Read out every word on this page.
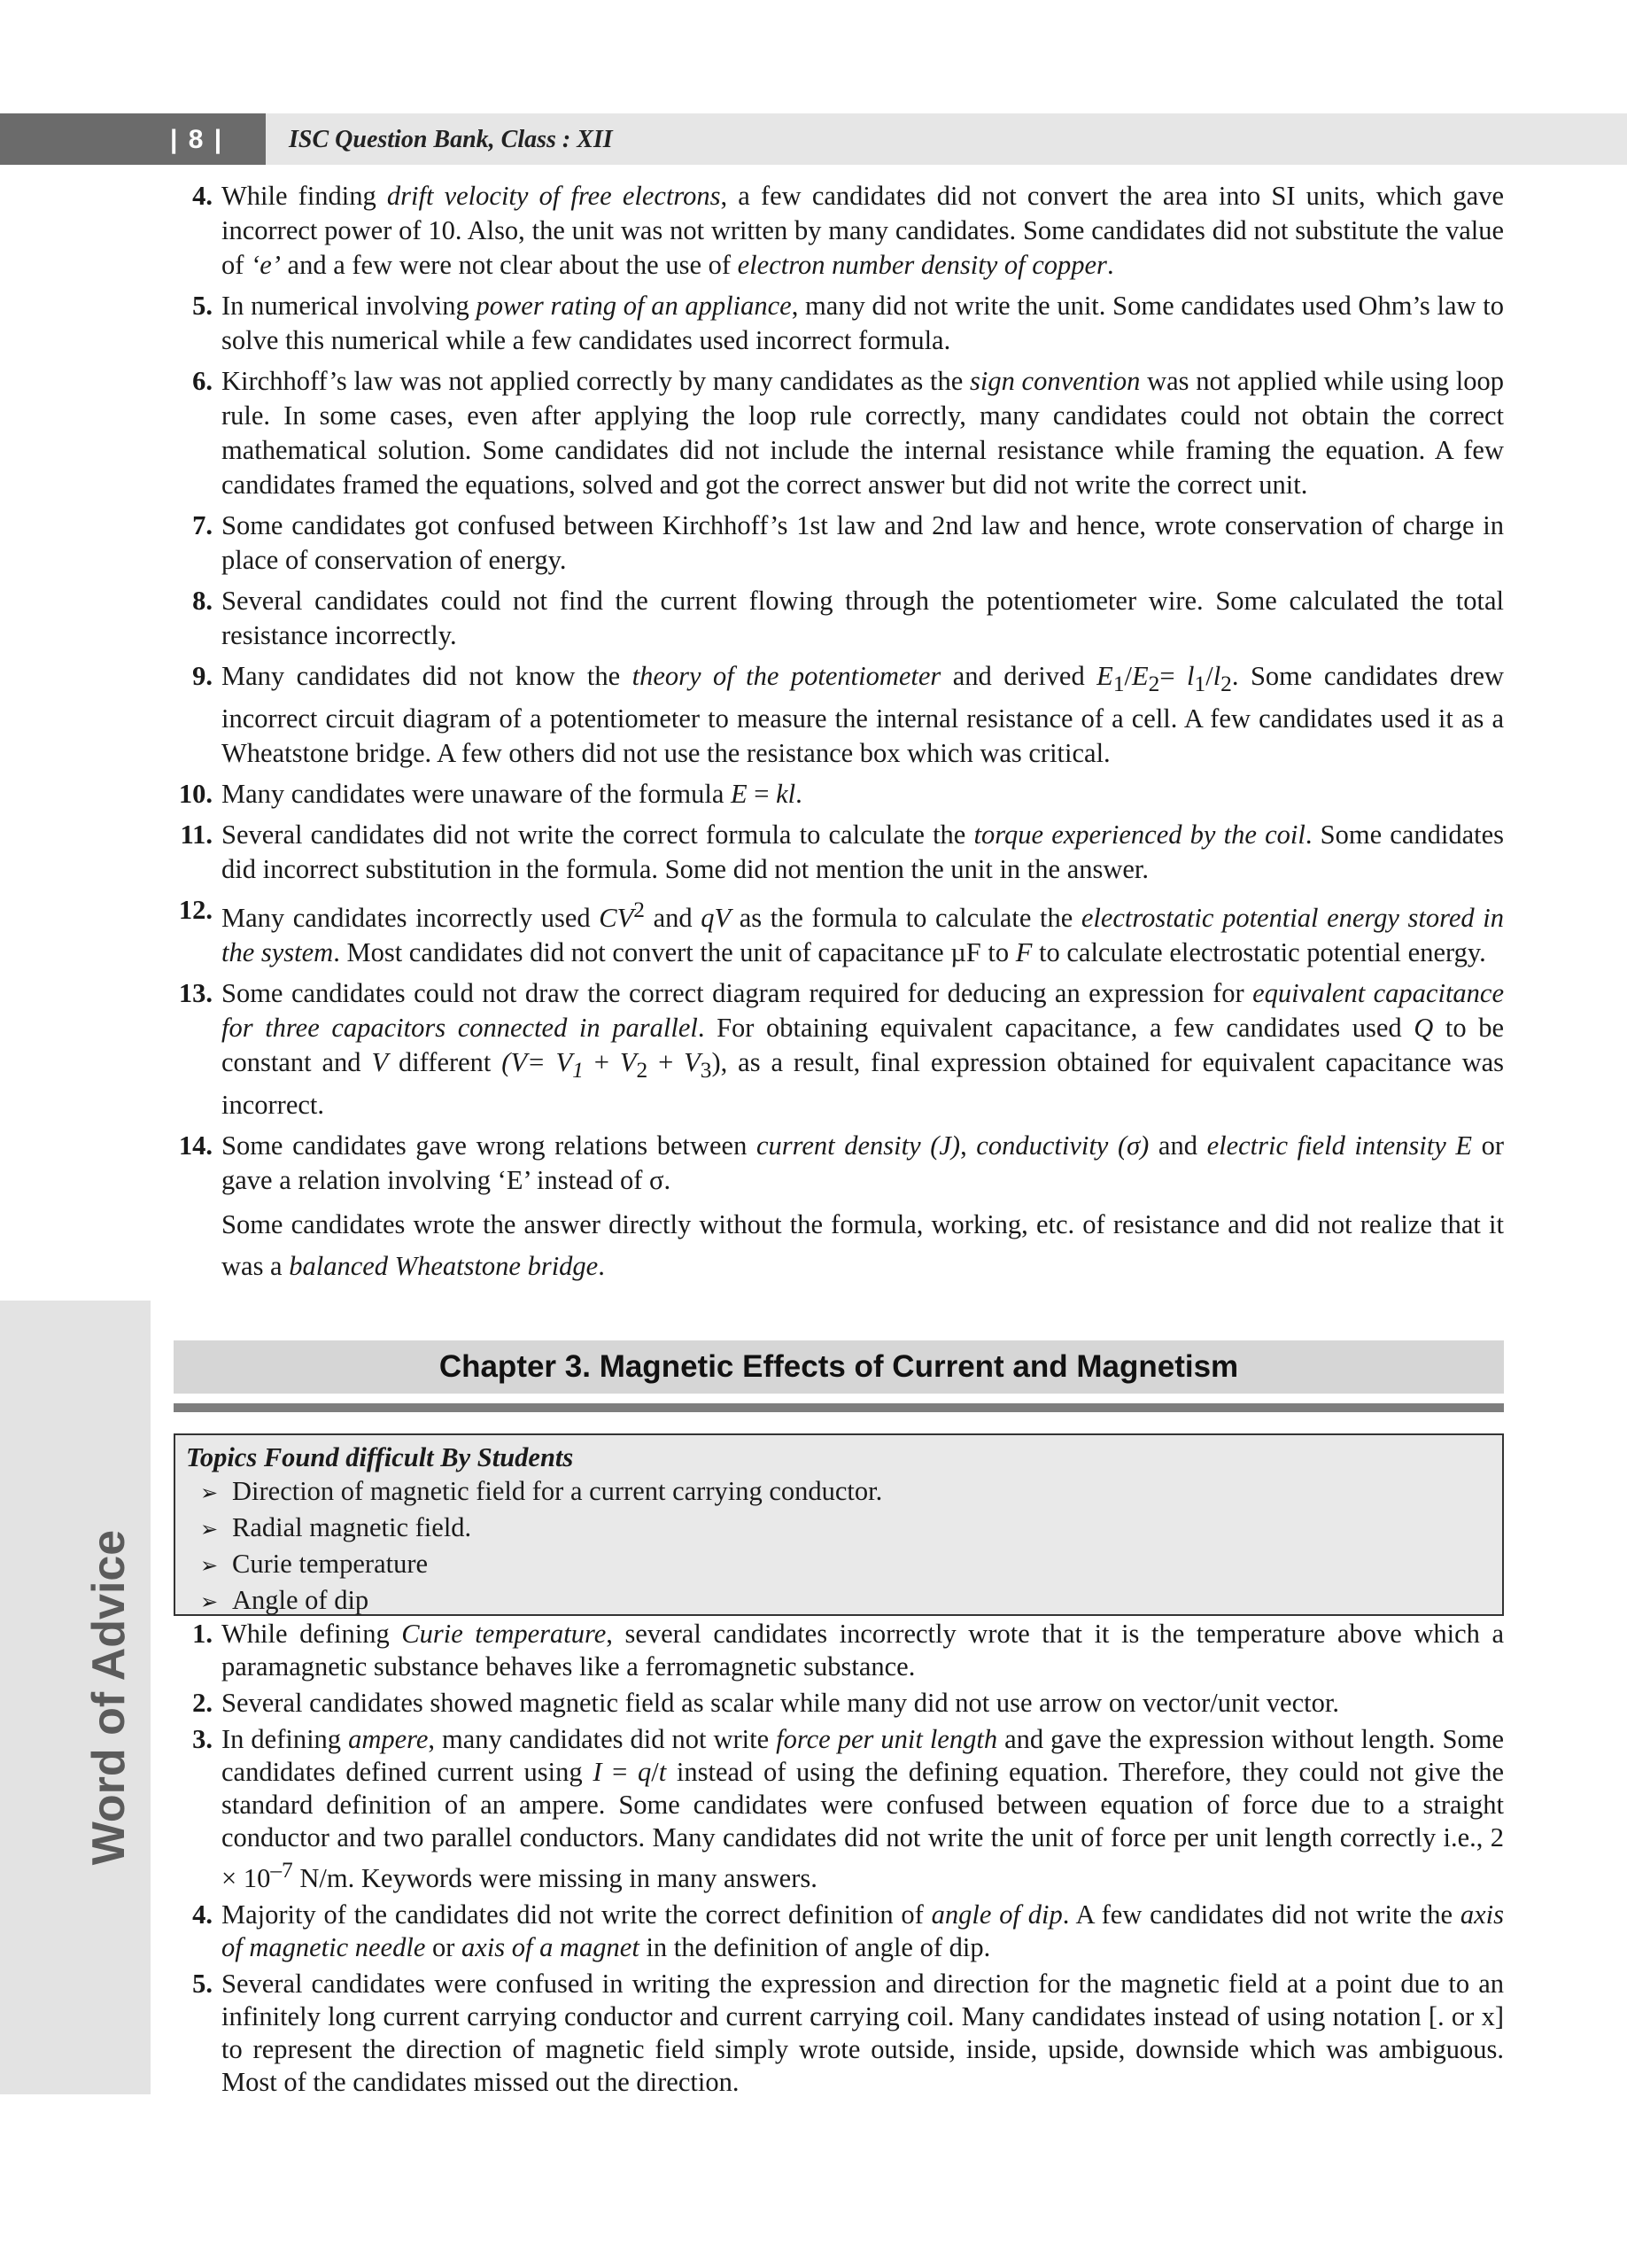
| 8 |	ISC Question Bank, Class : XII
Word of Advice
4. While finding drift velocity of free electrons, a few candidates did not convert the area into SI units, which gave incorrect power of 10. Also, the unit was not written by many candidates. Some candidates did not substitute the value of ‘e’ and a few were not clear about the use of electron number density of copper.
5. In numerical involving power rating of an appliance, many did not write the unit. Some candidates used Ohm’s law to solve this numerical while a few candidates used incorrect formula.
6. Kirchhoff’s law was not applied correctly by many candidates as the sign convention was not applied while using loop rule. In some cases, even after applying the loop rule correctly, many candidates could not obtain the correct mathematical solution. Some candidates did not include the internal resistance while framing the equation. A few candidates framed the equations, solved and got the correct answer but did not write the correct unit.
7. Some candidates got confused between Kirchhoff’s 1st law and 2nd law and hence, wrote conservation of charge in place of conservation of energy.
8. Several candidates could not find the current flowing through the potentiometer wire. Some calculated the total resistance incorrectly.
9. Many candidates did not know the theory of the potentiometer and derived $E_1/E_2= l_1/l_2$. Some candidates drew incorrect circuit diagram of a potentiometer to measure the internal resistance of a cell. A few candidates used it as a Wheatstone bridge. A few others did not use the resistance box which was critical.
10. Many candidates were unaware of the formula E = kl.
11. Several candidates did not write the correct formula to calculate the torque experienced by the coil. Some candidates did incorrect substitution in the formula. Some did not mention the unit in the answer.
12. Many candidates incorrectly used $CV^2$ and qV as the formula to calculate the electrostatic potential energy stored in the system. Most candidates did not convert the unit of capacitance µF to F to calculate electrostatic potential energy.
13. Some candidates could not draw the correct diagram required for deducing an expression for equivalent capacitance for three capacitors connected in parallel. For obtaining equivalent capacitance, a few candidates used Q to be constant and V different $(V= V_1 + V_2 + V_3)$, as a result, final expression obtained for equivalent capacitance was incorrect.
14. Some candidates gave wrong relations between current density (J), conductivity (σ) and electric field intensity E or gave a relation involving ‘E’ instead of σ.
Some candidates wrote the answer directly without the formula, working, etc. of resistance and did not realize that it was a balanced Wheatstone bridge.
Chapter 3. Magnetic Effects of Current and Magnetism
Topics Found difficult By Students
➢ Direction of magnetic field for a current carrying conductor.
➢ Radial magnetic field.
➢ Curie temperature
➢ Angle of dip
1. While defining Curie temperature, several candidates incorrectly wrote that it is the temperature above which a paramagnetic substance behaves like a ferromagnetic substance.
2. Several candidates showed magnetic field as scalar while many did not use arrow on vector/unit vector.
3. In defining ampere, many candidates did not write force per unit length and gave the expression without length. Some candidates defined current using I = q/t instead of using the defining equation. Therefore, they could not give the standard definition of an ampere. Some candidates were confused between equation of force due to a straight conductor and two parallel conductors. Many candidates did not write the unit of force per unit length correctly i.e., $2 \times 10^{-7}$ N/m. Keywords were missing in many answers.
4. Majority of the candidates did not write the correct definition of angle of dip. A few candidates did not write the axis of magnetic needle or axis of a magnet in the definition of angle of dip.
5. Several candidates were confused in writing the expression and direction for the magnetic field at a point due to an infinitely long current carrying conductor and current carrying coil. Many candidates instead of using notation [. or x] to represent the direction of magnetic field simply wrote outside, inside, upside, downside which was ambiguous. Most of the candidates missed out the direction.
